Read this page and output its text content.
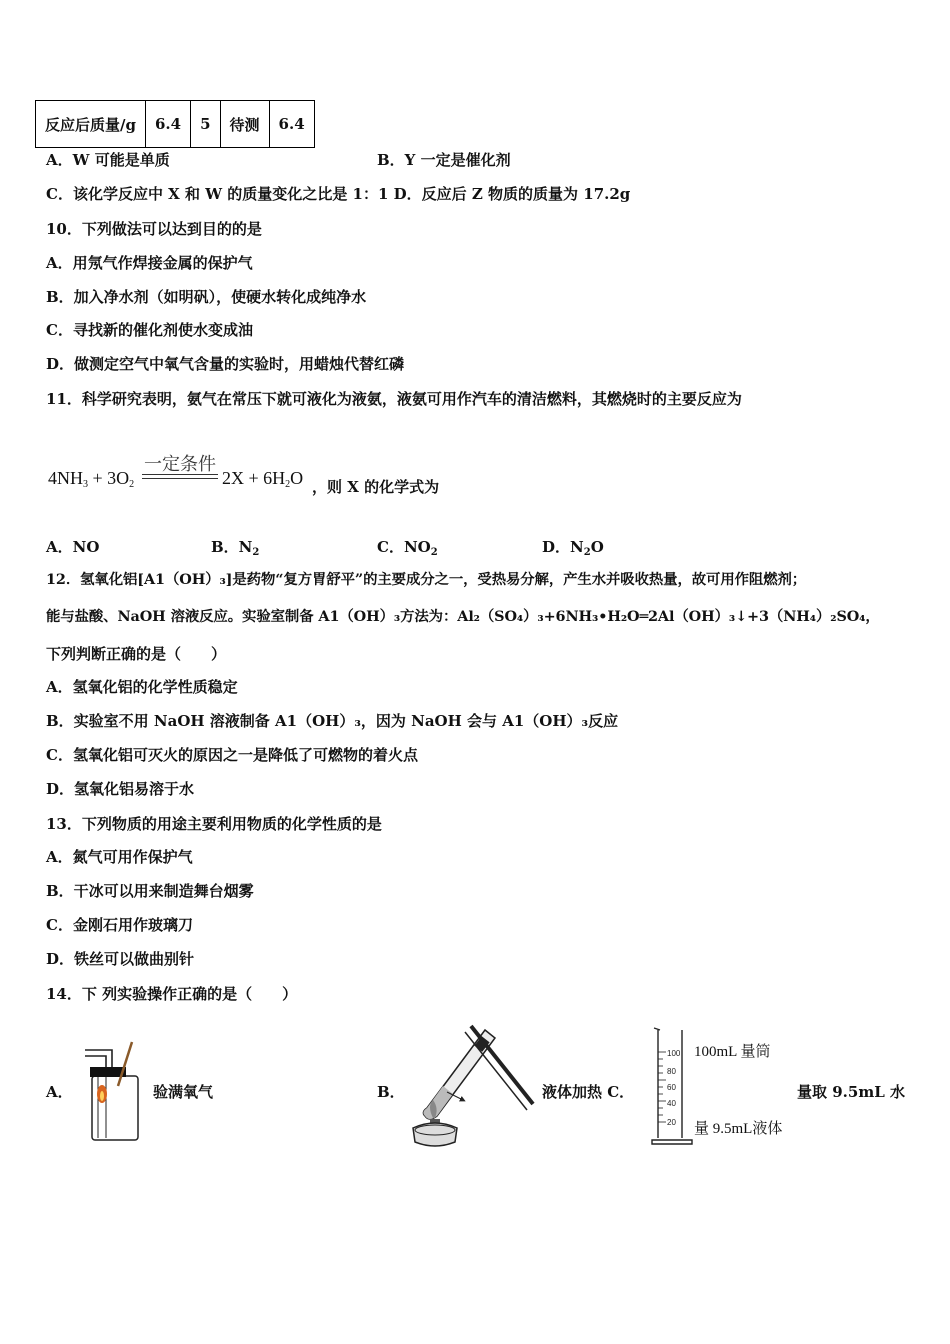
反应后质量/g	6.4	5	待测	6.4
A．W 可能是单质	B．Y 一定是催化剂
C．该化学反应中 X 和 W 的质量变化之比是 1：1 D．反应后 Z 物质的质量为 17.2g
10．下列做法可以达到目的的是
A．用氖气作焊接金属的保护气
B．加入净水剂（如明矾），使硬水转化成纯净水
C．寻找新的催化剂使水变成油
D．做测定空气中氧气含量的实验时，用蜡烛代替红磷
11．科学研究表明，氨气在常压下就可液化为液氨，液氨可用作汽车的清洁燃料，其燃烧时的主要反应为
$4NH_3 + 3O_2$
一定条件
$2X + 6H_2O$ ，则 X 的化学式为
A．NO	B．$N_2$	C．$NO_2$	D．$N_2O$
12．氢氧化铝[A1（OH）₃]是药物“复方胃舒平”的主要成分之一，受热易分解，产生水并吸收热量，故可用作阻燃剂；
能与盐酸、NaOH 溶液反应。实验室制备 A1（OH）₃方法为：Al₂（SO₄）₃+6NH₃•H₂O═2Al（OH）₃↓+3（NH₄）₂SO₄，
下列判断正确的是（　　）
A．氢氧化铝的化学性质稳定
B．实验室不用 NaOH 溶液制备 A1（OH）₃，因为 NaOH 会与 A1（OH）₃反应
C．氢氧化铝可灭火的原因之一是降低了可燃物的着火点
D．氢氧化铝易溶于水
13．下列物质的用途主要利用物质的化学性质的是
A．氮气可用作保护气
B．干冰可以用来制造舞台烟雾
C．金刚石用作玻璃刀
D．铁丝可以做曲别针
14．下 列实验操作正确的是（　　）
A．	验满氧气	B．	液体加热 C．
100
80
60
40
20
100mL 量筒
量 9.5mL液体
量取 9.5mL 水
